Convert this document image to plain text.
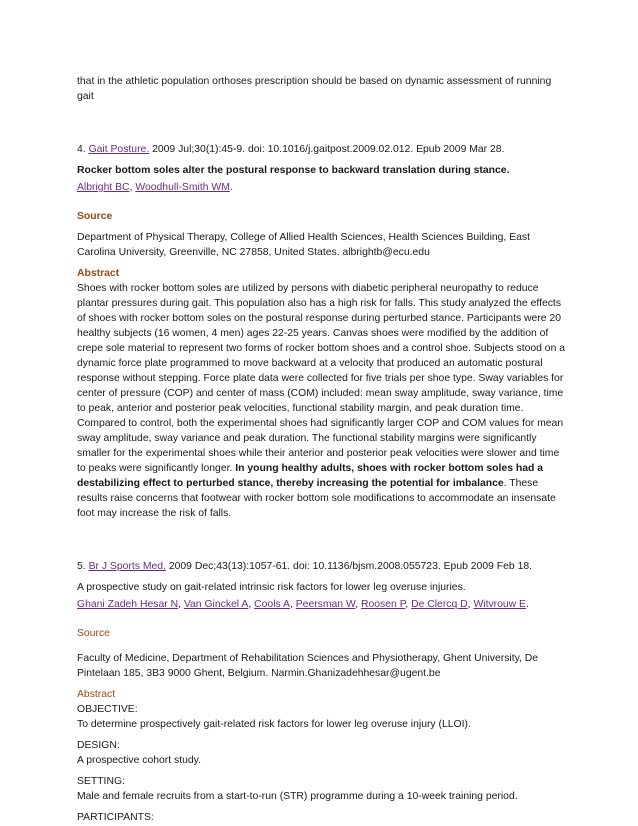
that in the athletic population orthoses prescription should be based on dynamic assessment of running gait

4. Gait Posture. 2009 Jul;30(1):45-9. doi: 10.1016/j.gaitpost.2009.02.012. Epub 2009 Mar 28.

Rocker bottom soles alter the postural response to backward translation during stance.

Albright BC, Woodhull-Smith WM.

Source

Department of Physical Therapy, College of Allied Health Sciences, Health Sciences Building, East Carolina University, Greenville, NC 27858, United States. albrightb@ecu.edu

Abstract

Shoes with rocker bottom soles are utilized by persons with diabetic peripheral neuropathy to reduce plantar pressures during gait. This population also has a high risk for falls. This study analyzed the effects of shoes with rocker bottom soles on the postural response during perturbed stance. Participants were 20 healthy subjects (16 women, 4 men) ages 22-25 years. Canvas shoes were modified by the addition of crepe sole material to represent two forms of rocker bottom shoes and a control shoe. Subjects stood on a dynamic force plate programmed to move backward at a velocity that produced an automatic postural response without stepping. Force plate data were collected for five trials per shoe type. Sway variables for center of pressure (COP) and center of mass (COM) included: mean sway amplitude, sway variance, time to peak, anterior and posterior peak velocities, functional stability margin, and peak duration time. Compared to control, both the experimental shoes had significantly larger COP and COM values for mean sway amplitude, sway variance and peak duration. The functional stability margins were significantly smaller for the experimental shoes while their anterior and posterior peak velocities were slower and time to peaks were significantly longer. In young healthy adults, shoes with rocker bottom soles had a destabilizing effect to perturbed stance, thereby increasing the potential for imbalance. These results raise concerns that footwear with rocker bottom sole modifications to accommodate an insensate foot may increase the risk of falls.

5. Br J Sports Med. 2009 Dec;43(13):1057-61. doi: 10.1136/bjsm.2008.055723. Epub 2009 Feb 18.

A prospective study on gait-related intrinsic risk factors for lower leg overuse injuries.

Ghani Zadeh Hesar N, Van Ginckel A, Cools A, Peersman W, Roosen P, De Clercq D, Witvrouw E.

Source

Faculty of Medicine, Department of Rehabilitation Sciences and Physiotherapy, Ghent University, De Pintelaan 185, 3B3 9000 Ghent, Belgium. Narmin.Ghanizadehhesar@ugent.be

Abstract

OBJECTIVE:

To determine prospectively gait-related risk factors for lower leg overuse injury (LLOI).

DESIGN:

A prospective cohort study.

SETTING:

Male and female recruits from a start-to-run (STR) programme during a 10-week training period.

PARTICIPANTS:
